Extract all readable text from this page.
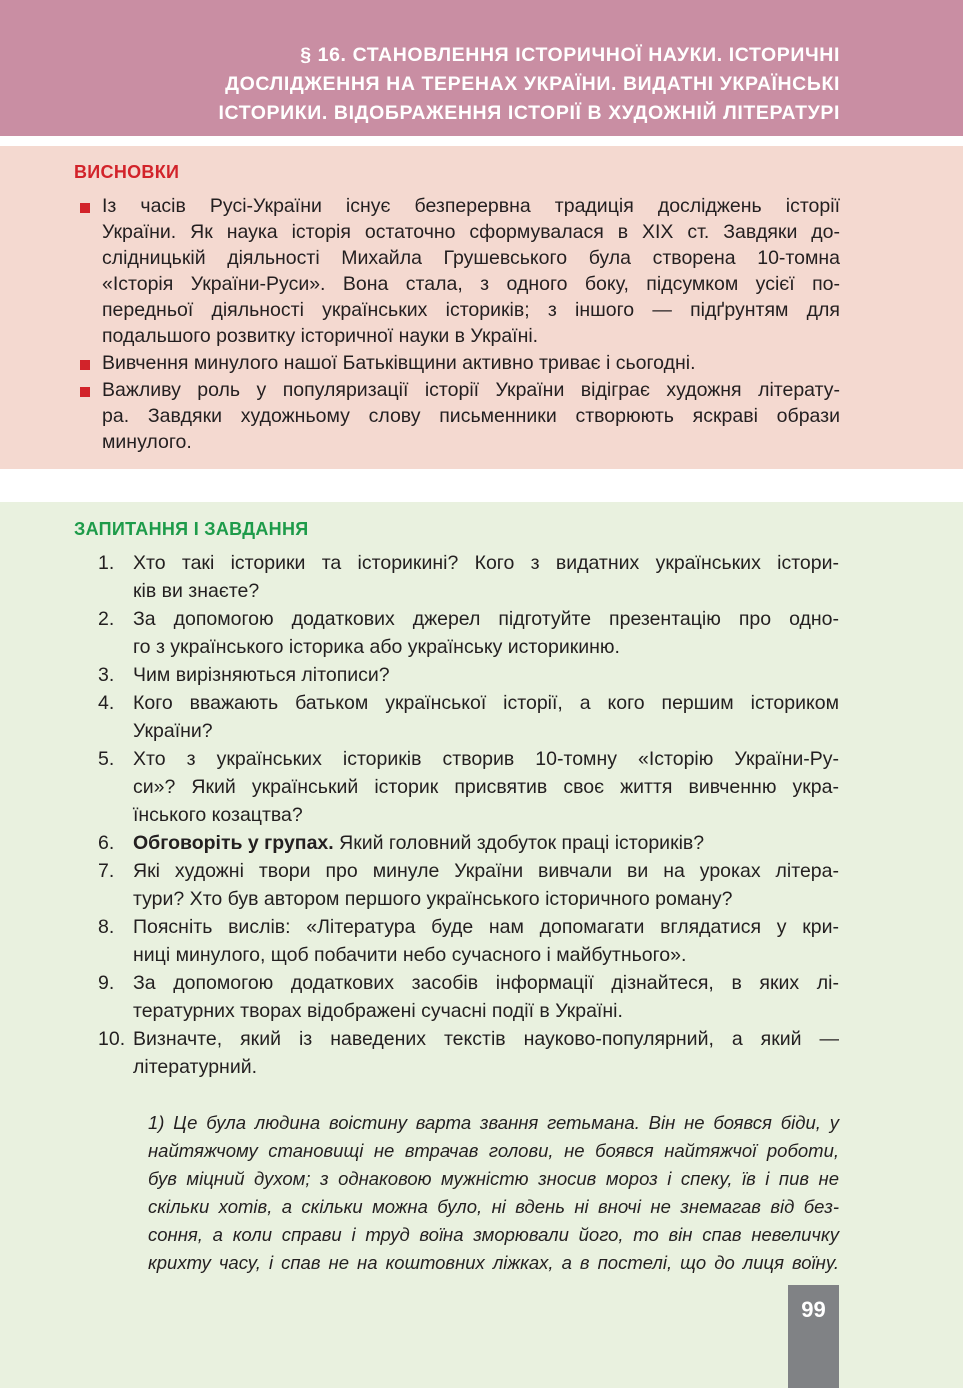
§ 16. СТАНОВЛЕННЯ ІСТОРИЧНОЇ НАУКИ. ІСТОРИЧНІ
ДОСЛІДЖЕННЯ НА ТЕРЕНАХ УКРАЇНИ. ВИДАТНІ УКРАЇНСЬКІ
ІСТОРИКИ. ВІДОБРАЖЕННЯ ІСТОРІЇ В ХУДОЖНІЙ ЛІТЕРАТУРІ
ВИСНОВКИ
Із часів Русі-України існує безперервна традиція досліджень історії
України. Як наука історія остаточно сформувалася в XIX ст. Завдяки до-
слідницькій діяльності Михайла Грушевського була створена 10-томна
«Історія України-Руси». Вона стала, з одного боку, підсумком усієї по-
передньої діяльності українських істориків; з іншого — підґрунтям для
подальшого розвитку історичної науки в Україні.
Вивчення минулого нашої Батьківщини активно триває і сьогодні.
Важливу роль у популяризації історії України відіграє художня літерату-
ра. Завдяки художньому слову письменники створюють яскраві образи
минулого.
ЗАПИТАННЯ І ЗАВДАННЯ
1. Хто такі історики та історикині? Кого з видатних українських істори-
ків ви знаєте?
2. За допомогою додаткових джерел підготуйте презентацію про одно-
го з українського історика або українську историкиню.
3. Чим вирізняються літописи?
4. Кого вважають батьком української історії, а кого першим істориком
України?
5. Хто з українських істориків створив 10-томну «Історію України-Ру-
си»? Який український історик присвятив своє життя вивченню укра-
їнського козацтва?
6. Обговоріть у групах. Який головний здобуток праці істориків?
7. Які художні твори про минуле України вивчали ви на уроках літера-
тури? Хто був автором першого українського історичного роману?
8. Поясніть вислів: «Література буде нам допомагати вглядатися у кри-
ниці минулого, щоб побачити небо сучасного і майбутнього».
9. За допомогою додаткових засобів інформації дізнайтеся, в яких лі-
тературних творах відображені сучасні події в Україні.
10. Визначте, який із наведених текстів науково-популярний, а який —
літературний.
1) Це була людина воістину варта звання гетьмана. Він не боявся біди, у
найтяжчому становищі не втрачав голови, не боявся найтяжчої роботи,
був міцний духом; з однаковою мужністю зносив мороз і спеку, їв і пив не
скільки хотів, а скільки можна було, ні вдень ні вночі не знемагав від без-
соння, а коли справи і труд воїна зморювали його, то він спав невеличку
крихту часу, і спав не на коштовних ліжках, а в постелі, що до лиця воїну.
99
